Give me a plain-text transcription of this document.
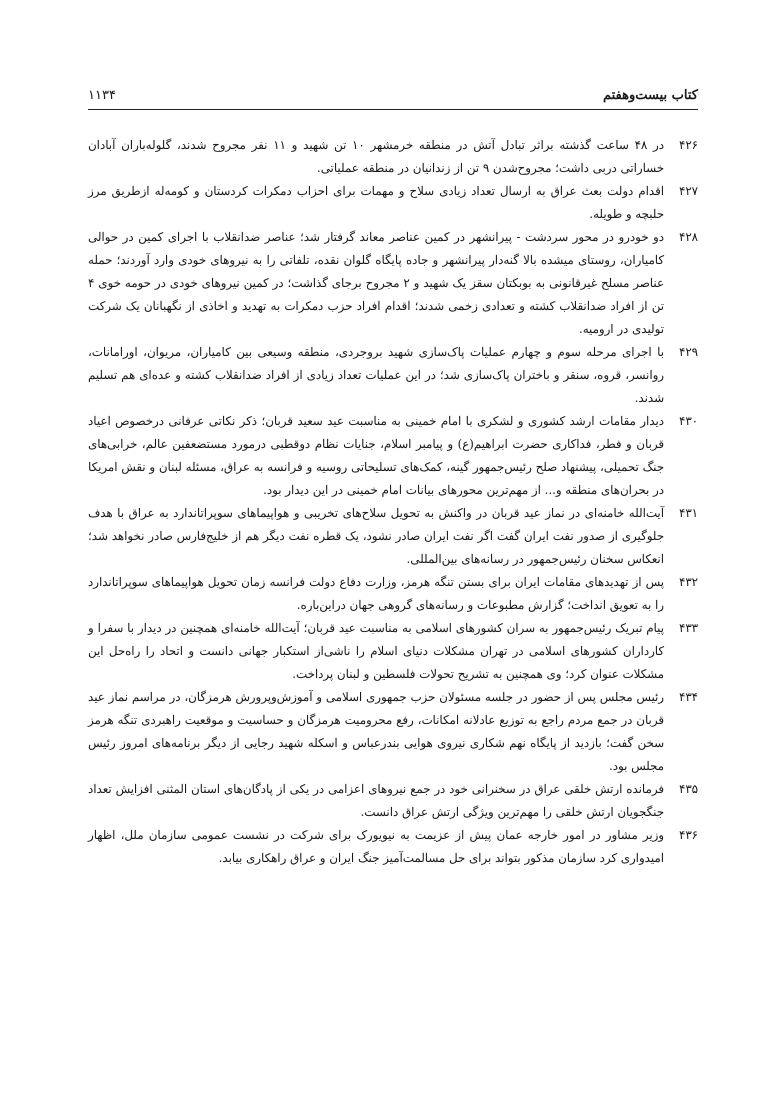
کتاب بیست‌وهفتم
۱۱۳۴
۴۲۶
در ۴۸ ساعت گذشته براثر تبادل آتش در منطقه خرمشهر ۱۰ تن شهید و ۱۱ نفر مجروح شدند، گلوله‌باران آبادان خساراتی دربی داشت؛ مجروح‌شدن ۹ تن از زندانیان در منطقه عملیاتی.
۴۲۷
اقدام دولت بعث عراق به ارسال تعداد زیادی سلاح و مهمات برای احزاب دمکرات کردستان و کومه‌له ازطریق مرز حلبچه و طویله.
۴۲۸
دو خودرو در محور سردشت - پیرانشهر در کمین عناصر معاند گرفتار شد؛ عناصر ضدانقلاب با اجرای کمین در حوالی کامیاران، روستای میشده بالا گنه‌دار پیرانشهر و جاده پایگاه گلوان نقده، تلفاتی را به نیروهای خودی وارد آوردند؛ حمله عناصر مسلح غیرقانونی به بوبکتان سقز یک شهید و ۲ مجروح برجای گذاشت؛ در کمین نیروهای خودی در حومه خوی ۴ تن از افراد ضدانقلاب کشته و تعدادی زخمی شدند؛ اقدام افراد حزب دمکرات به تهدید و اخاذی از نگهبانان یک شرکت تولیدی در ارومیه.
۴۲۹
با اجرای مرحله سوم و چهارم عملیات پاک‌سازی شهید بروجردی، منطقه وسیعی بین کامیاران، مریوان، اورامانات، روانسر، قروه، سنقر و باختران پاک‌سازی شد؛ در این عملیات تعداد زیادی از افراد ضدانقلاب کشته و عده‌ای هم تسلیم شدند.
۴۳۰
دیدار مقامات ارشد کشوری و لشکری با امام خمینی به مناسبت عید سعید قربان؛ ذکر نکاتی عرفانی درخصوص اعیاد قربان و فطر، فداکاری حضرت ابراهیم(ع) و پیامبر اسلام، جنایات نظام دوقطبی درمورد مستضعفین عالم، خرابی‌های جنگ تحمیلی، پیشنهاد صلح رئیس‌جمهور گینه، کمک‌های تسلیحاتی روسیه و فرانسه به عراق، مسئله لبنان و نقش امریکا در بحران‌های منطقه و... از مهم‌ترین محورهای بیانات امام خمینی در این دیدار بود.
۴۳۱
آیت‌الله خامنه‌ای در نماز عید قربان در واکنش به تحویل سلاح‌های تخریبی و هواپیماهای سوپراتاندارد به عراق با هدف جلوگیری از صدور نفت ایران گفت اگر نفت ایران صادر نشود، یک قطره نفت دیگر هم از خلیج‌فارس صادر نخواهد شد؛ انعکاس سخنان رئیس‌جمهور در رسانه‌های بین‌المللی.
۴۳۲
پس از تهدیدهای مقامات ایران برای بستن تنگه هرمز، وزارت دفاع دولت فرانسه زمان تحویل هواپیماهای سوپراتاندارد را به تعویق انداخت؛ گزارش مطبوعات و رسانه‌های گروهی جهان دراین‌باره.
۴۳۳
پیام تبریک رئیس‌جمهور به سران کشورهای اسلامی به مناسبت عید قربان؛ آیت‌الله خامنه‌ای همچنین در دیدار با سفرا و کارداران کشورهای اسلامی در تهران مشکلات دنیای اسلام را ناشی‌از استکبار جهانی دانست و اتحاد را راه‌حل این مشکلات عنوان کرد؛ وی همچنین به تشریح تحولات فلسطین و لبنان پرداخت.
۴۳۴
رئیس مجلس پس از حضور در جلسه مسئولان حزب جمهوری اسلامی و آموزش‌وپرورش هرمزگان، در مراسم نماز عید قربان در جمع مردم راجع به توزیع عادلانه امکانات، رفع محرومیت هرمزگان و حساسیت و موقعیت راهبردی تنگه هرمز سخن گفت؛ بازدید از پایگاه نهم شکاری نیروی هوایی بندرعباس و اسکله شهید رجایی از دیگر برنامه‌های امروز رئیس مجلس بود.
۴۳۵
فرمانده ارتش خلقی عراق در سخنرانی خود در جمع نیروهای اعزامی در یکی از پادگان‌های استان المثنی افزایش تعداد جنگجویان ارتش خلقی را مهم‌ترین ویژگی ارتش عراق دانست.
۴۳۶
وزیر مشاور در امور خارجه عمان پیش از عزیمت به نیویورک برای شرکت در نشست عمومی سازمان ملل، اظهار امیدواری کرد سازمان مذکور بتواند برای حل مسالمت‌آمیز جنگ ایران و عراق راهکاری بیابد.
